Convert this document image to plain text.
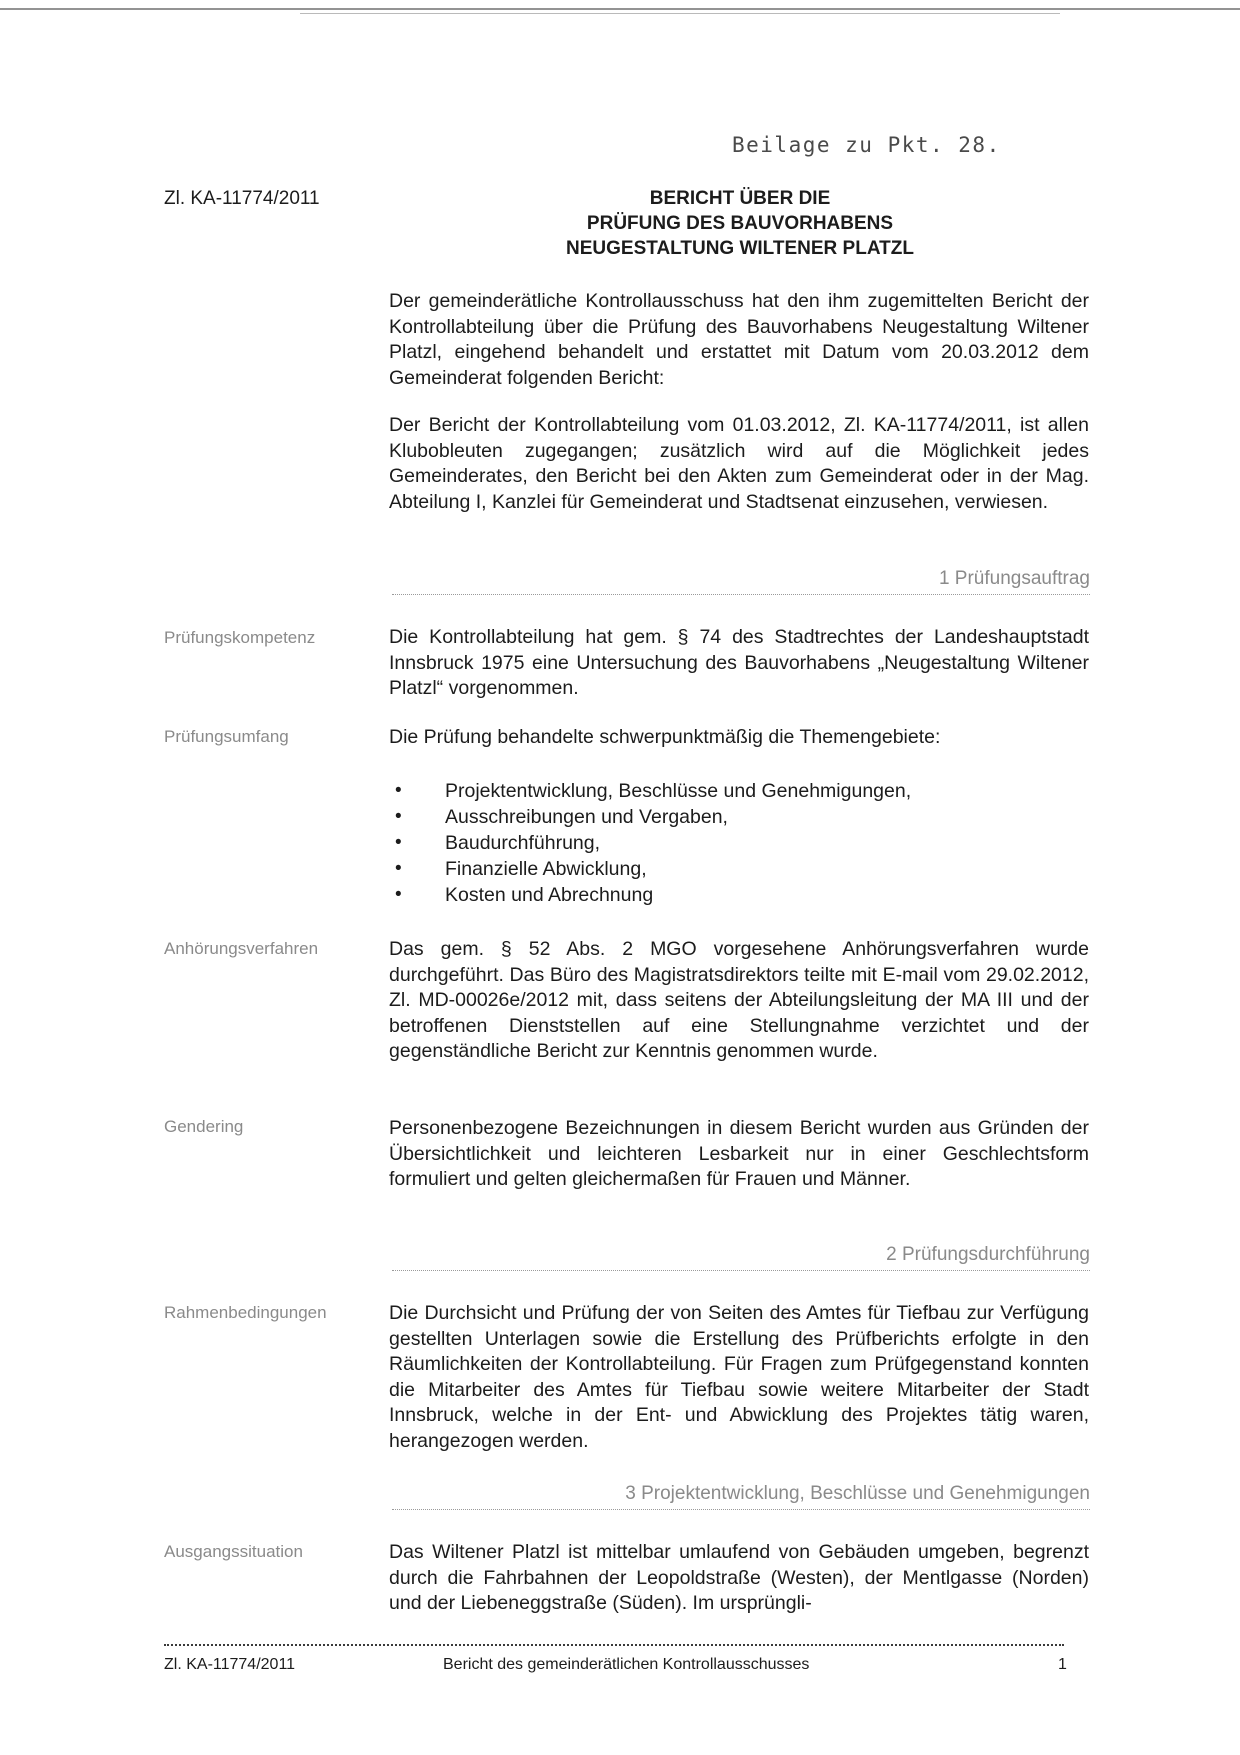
Beilage zu Pkt. 28.
Zl. KA-11774/2011	BERICHT ÜBER DIE
PRÜFUNG DES BAUVORHABENS
NEUGESTALTUNG WILTENER PLATZL
Der gemeinderätliche Kontrollausschuss hat den ihm zugemittelten Bericht der Kontrollabteilung über die Prüfung des Bauvorhabens Neugestaltung Wiltener Platzl, eingehend behandelt und erstattet mit Datum vom 20.03.2012 dem Gemeinderat folgenden Bericht:
Der Bericht der Kontrollabteilung vom 01.03.2012, Zl. KA-11774/2011, ist allen Klubobleuten zugegangen; zusätzlich wird auf die Möglichkeit jedes Gemeinderates, den Bericht bei den Akten zum Gemeinderat oder in der Mag. Abteilung I, Kanzlei für Gemeinderat und Stadtsenat einzusehen, verwiesen.
1 Prüfungsauftrag
Prüfungskompetenz	Die Kontrollabteilung hat gem. § 74 des Stadtrechtes der Landeshauptstadt Innsbruck 1975 eine Untersuchung des Bauvorhabens „Neugestaltung Wiltener Platzl“ vorgenommen.
Prüfungsumfang	Die Prüfung behandelte schwerpunktmäßig die Themengebiete:
• Projektentwicklung, Beschlüsse und Genehmigungen,
• Ausschreibungen und Vergaben,
• Baudurchführung,
• Finanzielle Abwicklung,
• Kosten und Abrechnung
Anhörungsverfahren	Das gem. § 52 Abs. 2 MGO vorgesehene Anhörungsverfahren wurde durchgeführt. Das Büro des Magistratsdirektors teilte mit E-mail vom 29.02.2012, Zl. MD-00026e/2012 mit, dass seitens der Abteilungsleitung der MA III und der betroffenen Dienststellen auf eine Stellungnahme verzichtet und der gegenständliche Bericht zur Kenntnis genommen wurde.
Gendering	Personenbezogene Bezeichnungen in diesem Bericht wurden aus Gründen der Übersichtlichkeit und leichteren Lesbarkeit nur in einer Geschlechtsform formuliert und gelten gleichermaßen für Frauen und Männer.
2 Prüfungsdurchführung
Rahmenbedingungen	Die Durchsicht und Prüfung der von Seiten des Amtes für Tiefbau zur Verfügung gestellten Unterlagen sowie die Erstellung des Prüfberichts erfolgte in den Räumlichkeiten der Kontrollabteilung. Für Fragen zum Prüfgegenstand konnten die Mitarbeiter des Amtes für Tiefbau sowie weitere Mitarbeiter der Stadt Innsbruck, welche in der Ent- und Abwicklung des Projektes tätig waren, herangezogen werden.
3 Projektentwicklung, Beschlüsse und Genehmigungen
Ausgangssituation	Das Wiltener Platzl ist mittelbar umlaufend von Gebäuden umgeben, begrenzt durch die Fahrbahnen der Leopoldstraße (Westen), der Mentlgasse (Norden) und der Liebeneggstraße (Süden). Im ursprüngli-
Zl. KA-11774/2011	Bericht des gemeinderätlichen Kontrollausschusses	1
